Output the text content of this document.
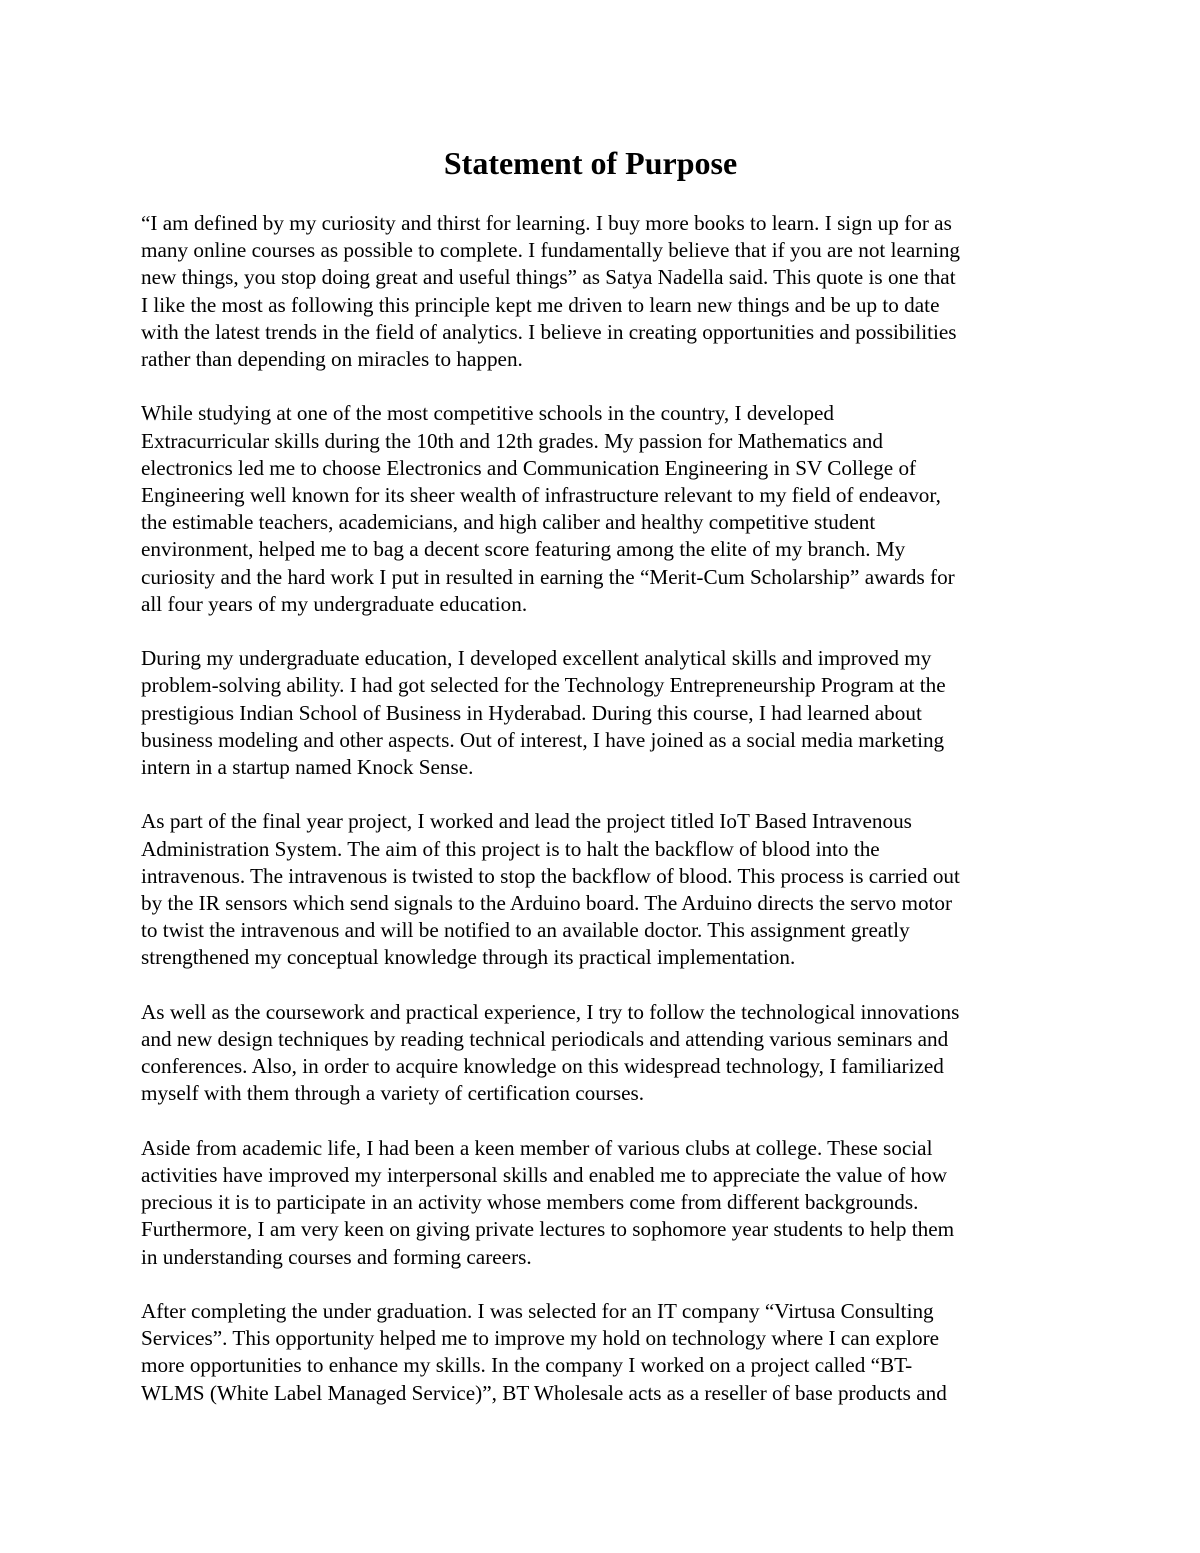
Statement of Purpose

“I am defined by my curiosity and thirst for learning. I buy more books to learn. I sign up for as
many online courses as possible to complete. I fundamentally believe that if you are not learning
new things, you stop doing great and useful things” as Satya Nadella said. This quote is one that
I like the most as following this principle kept me driven to learn new things and be up to date
with the latest trends in the field of analytics. I believe in creating opportunities and possibilities
rather than depending on miracles to happen.

While studying at one of the most competitive schools in the country, I developed
Extracurricular skills during the 10th and 12th grades. My passion for Mathematics and
electronics led me to choose Electronics and Communication Engineering in SV College of
Engineering well known for its sheer wealth of infrastructure relevant to my field of endeavor,
the estimable teachers, academicians, and high caliber and healthy competitive student
environment, helped me to bag a decent score featuring among the elite of my branch. My
curiosity and the hard work I put in resulted in earning the “Merit-Cum Scholarship” awards for
all four years of my undergraduate education.

During my undergraduate education, I developed excellent analytical skills and improved my
problem-solving ability. I had got selected for the Technology Entrepreneurship Program at the
prestigious Indian School of Business in Hyderabad. During this course, I had learned about
business modeling and other aspects. Out of interest, I have joined as a social media marketing
intern in a startup named Knock Sense.

As part of the final year project, I worked and lead the project titled IoT Based Intravenous
Administration System. The aim of this project is to halt the backflow of blood into the
intravenous. The intravenous is twisted to stop the backflow of blood. This process is carried out
by the IR sensors which send signals to the Arduino board. The Arduino directs the servo motor
to twist the intravenous and will be notified to an available doctor. This assignment greatly
strengthened my conceptual knowledge through its practical implementation.

As well as the coursework and practical experience, I try to follow the technological innovations
and new design techniques by reading technical periodicals and attending various seminars and
conferences. Also, in order to acquire knowledge on this widespread technology, I familiarized
myself with them through a variety of certification courses.

Aside from academic life, I had been a keen member of various clubs at college. These social
activities have improved my interpersonal skills and enabled me to appreciate the value of how
precious it is to participate in an activity whose members come from different backgrounds.
Furthermore, I am very keen on giving private lectures to sophomore year students to help them
in understanding courses and forming careers.

After completing the under graduation. I was selected for an IT company “Virtusa Consulting
Services”. This opportunity helped me to improve my hold on technology where I can explore
more opportunities to enhance my skills. In the company I worked on a project called “BT-
WLMS (White Label Managed Service)”, BT Wholesale acts as a reseller of base products and
